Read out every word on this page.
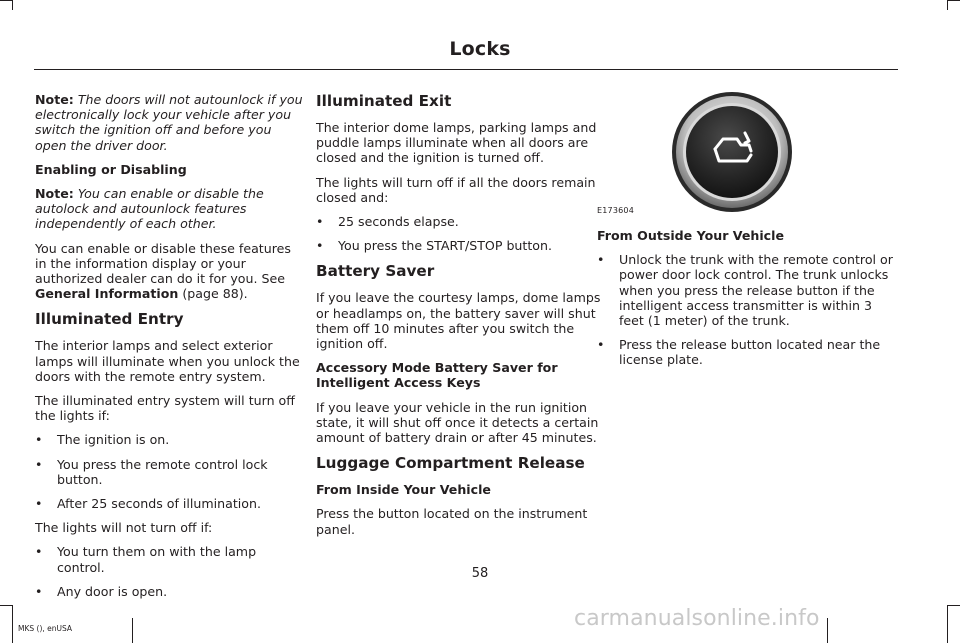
Locks

Note: The doors will not autounlock if you electronically lock your vehicle after you switch the ignition off and before you open the driver door.

Enabling or Disabling

Note: You can enable or disable the autolock and autounlock features independently of each other.

You can enable or disable these features in the information display or your authorized dealer can do it for you. See General Information (page 88).

Illuminated Entry

The interior lamps and select exterior lamps will illuminate when you unlock the doors with the remote entry system.

The illuminated entry system will turn off the lights if:

• The ignition is on.
• You press the remote control lock button.
• After 25 seconds of illumination.

The lights will not turn off if:

• You turn them on with the lamp control.
• Any door is open.
Illuminated Exit

The interior dome lamps, parking lamps and puddle lamps illuminate when all doors are closed and the ignition is turned off.

The lights will turn off if all the doors remain closed and:

• 25 seconds elapse.
• You press the START/STOP button.
Battery Saver

If you leave the courtesy lamps, dome lamps or headlamps on, the battery saver will shut them off 10 minutes after you switch the ignition off.

Accessory Mode Battery Saver for Intelligent Access Keys

If you leave your vehicle in the run ignition state, it will shut off once it detects a certain amount of battery drain or after 45 minutes.

Luggage Compartment Release

From Inside Your Vehicle

Press the button located on the instrument panel.

E173604

From Outside Your Vehicle

• Unlock the trunk with the remote control or power door lock control. The trunk unlocks when you press the release button if the intelligent access transmitter is within 3 feet (1 meter) of the trunk.
• Press the release button located near the license plate.
58
MKS (), enUSA	carmanualsonline.info
